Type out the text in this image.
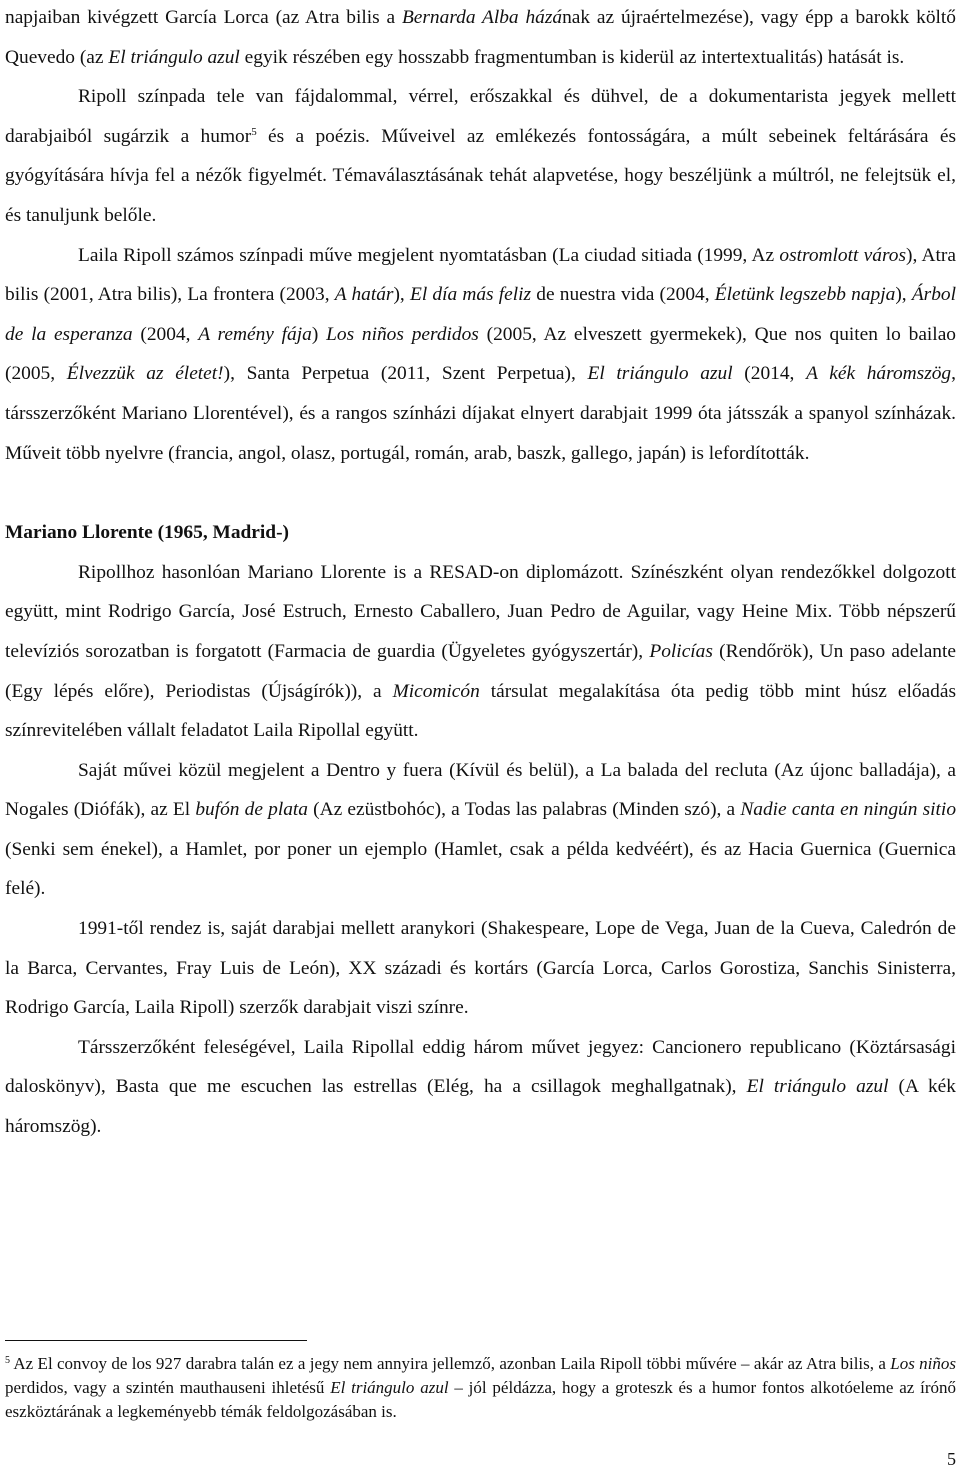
napjaiban kivégzett García Lorca (az Atra bilis a Bernarda Alba házának az újraértelmezése), vagy épp a barokk költő Quevedo (az El triángulo azul egyik részében egy hosszabb fragmentumban is kiderül az intertextualitás) hatását is.

Ripoll színpada tele van fájdalommal, vérrel, erőszakkal és dühvel, de a dokumentarista jegyek mellett darabjaiból sugárzik a humor$^5$ és a poézis. Műveivel az emlékezés fontosságára, a múlt sebeinek feltárására és gyógyítására hívja fel a nézők figyelmét. Témaválasztásának tehát alapvetése, hogy beszéljünk a múltról, ne felejtsük el, és tanuljunk belőle.

Laila Ripoll számos színpadi műve megjelent nyomtatásban (La ciudad sitiada (1999, Az ostromlott város), Atra bilis (2001, Atra bilis), La frontera (2003, A határ), El día más feliz de nuestra vida (2004, Életünk legszebb napja), Árbol de la esperanza (2004, A remény fája) Los niños perdidos (2005, Az elveszett gyermekek), Que nos quiten lo bailao (2005, Élvezzük az életet!), Santa Perpetua (2011, Szent Perpetua), El triángulo azul (2014, A kék háromszög, társszerzőként Mariano Llorentével), és a rangos színházi díjakat elnyert darabjait 1999 óta játsszák a spanyol színházak. Műveit több nyelvre (francia, angol, olasz, portugál, román, arab, baszk, gallego, japán) is lefordították.

Mariano Llorente (1965, Madrid-)

Ripollhoz hasonlóan Mariano Llorente is a RESAD-on diplomázott. Színészként olyan rendezőkkel dolgozott együtt, mint Rodrigo García, José Estruch, Ernesto Caballero, Juan Pedro de Aguilar, vagy Heine Mix. Több népszerű televíziós sorozatban is forgatott (Farmacia de guardia (Ügyeletes gyógyszertár), Policías (Rendőrök), Un paso adelante (Egy lépés előre), Periodistas (Újságírók)), a Micomicón társulat megalakítása óta pedig több mint húsz előadás színrevitelében vállalt feladatot Laila Ripollal együtt.

Saját művei közül megjelent a Dentro y fuera (Kívül és belül), a La balada del recluta (Az újonc balladája), a Nogales (Diófák), az El bufón de plata (Az ezüstbohóc), a Todas las palabras (Minden szó), a Nadie canta en ningún sitio (Senki sem énekel), a Hamlet, por poner un ejemplo (Hamlet, csak a példa kedvéért), és az Hacia Guernica (Guernica felé).

1991-től rendez is, saját darabjai mellett aranykori (Shakespeare, Lope de Vega, Juan de la Cueva, Caledrón de la Barca, Cervantes, Fray Luis de León), XX századi és kortárs (García Lorca, Carlos Gorostiza, Sanchis Sinisterra, Rodrigo García, Laila Ripoll) szerzők darabjait viszi színre.

Társszerzőként feleségével, Laila Ripollal eddig három művet jegyez: Cancionero republicano (Köztársasági daloskönyv), Basta que me escuchen las estrellas (Elég, ha a csillagok meghallgatnak), El triángulo azul (A kék háromszög).

$^5$ Az El convoy de los 927 darabra talán ez a jegy nem annyira jellemző, azonban Laila Ripoll többi művére – akár az Atra bilis, a Los niños perdidos, vagy a szintén mauthauseni ihletésű El triángulo azul – jól példázza, hogy a groteszk és a humor fontos alkotóeleme az írónő eszköztárának a legkeményebb témák feldolgozásában is.
5
